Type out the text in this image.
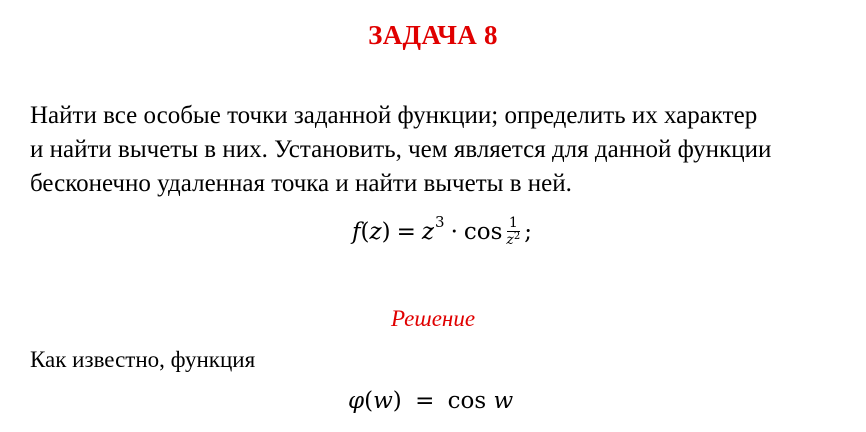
ЗАДАЧА 8

Найти все особые точки заданной функции; определить их характер
и найти вычеты в них. Установить, чем является для данной функции
бесконечно удаленная точка и найти вычеты в ней.

f ( z ) = z $3 \cdot \cos \frac{1}{z^2}$ ;
Решение
Как известно, функция
φ(w) = cos w
